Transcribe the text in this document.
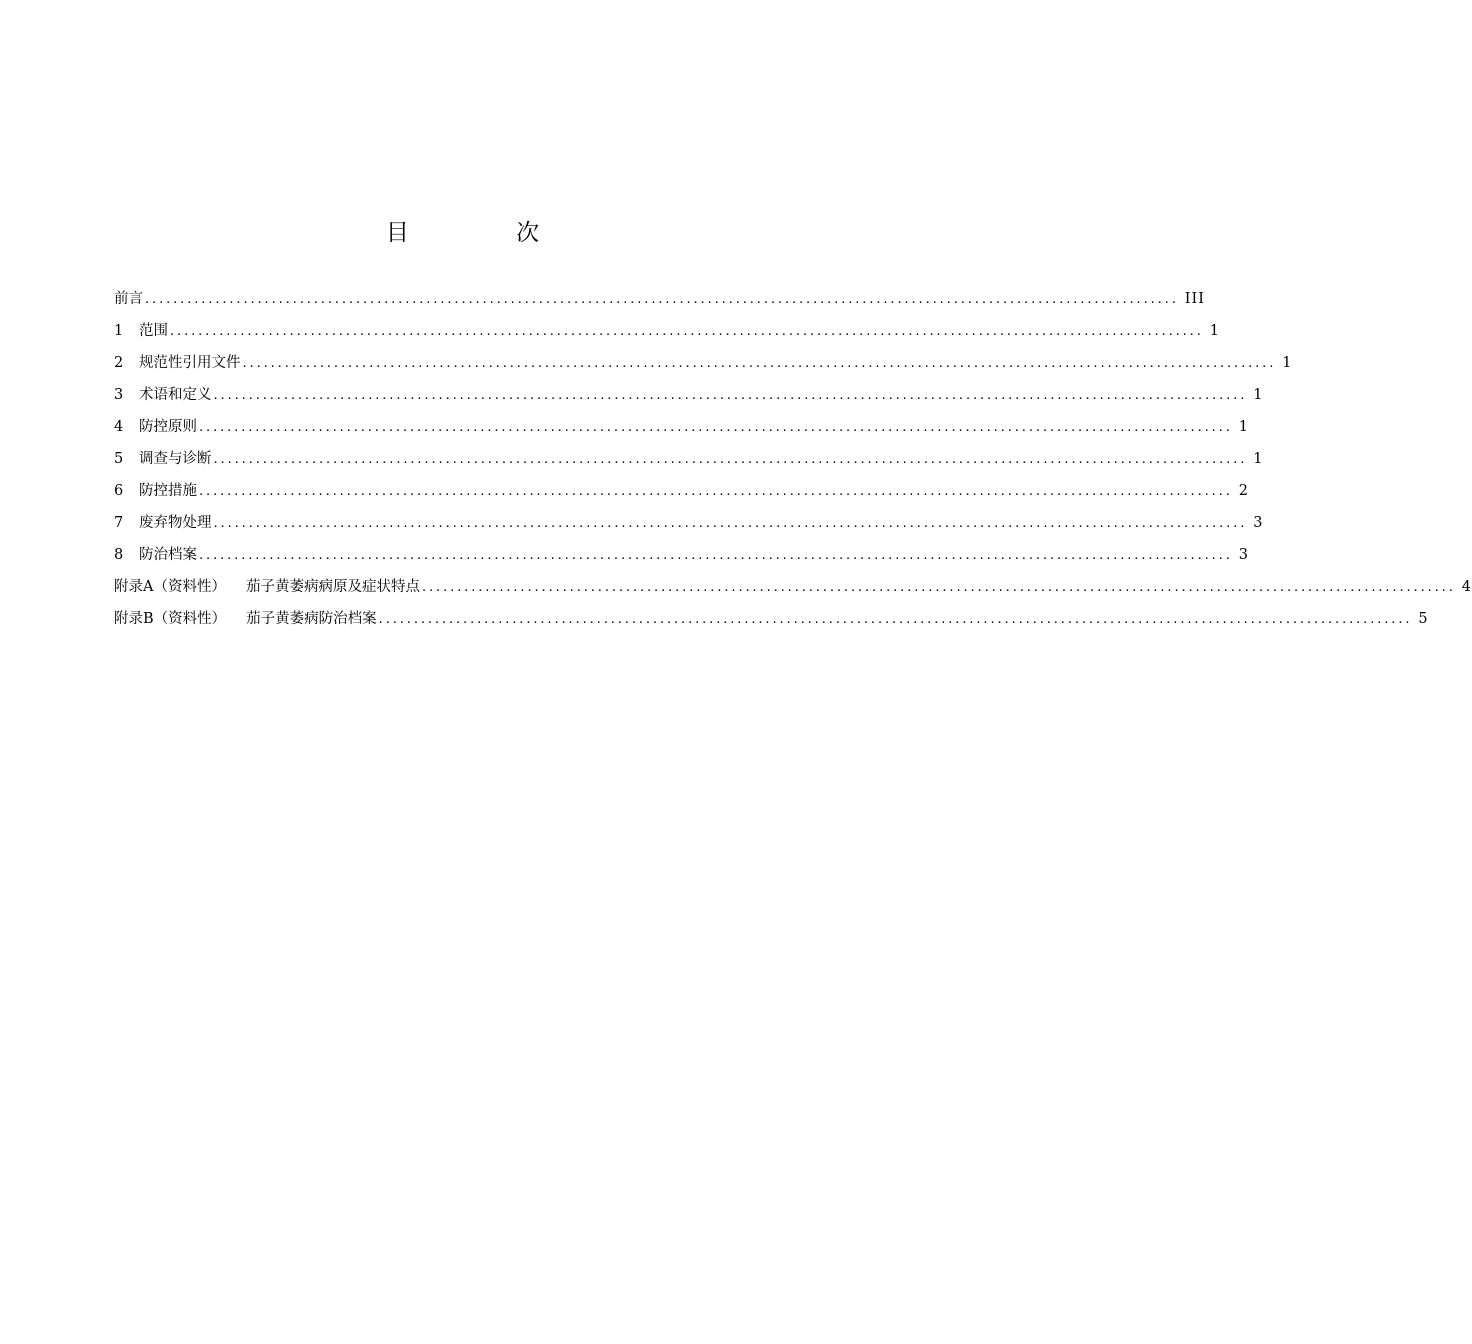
目 次
前言 ................................................................................................................................................... III
1	范围 ................................................................................................................................................... 1
2	规范性引用文件 ................................................................................................................................................... 1
3	术语和定义 ................................................................................................................................................... 1
4	防控原则 ................................................................................................................................................... 1
5	调查与诊断 ................................................................................................................................................... 1
6	防控措施 ................................................................................................................................................... 2
7	废弃物处理 ................................................................................................................................................... 3
8	防治档案 ................................................................................................................................................... 3
附录A（资料性） 茄子黄萎病病原及症状特点 ................................................................................................................................................... 4
附录B（资料性） 茄子黄萎病防治档案 ................................................................................................................................................... 5
